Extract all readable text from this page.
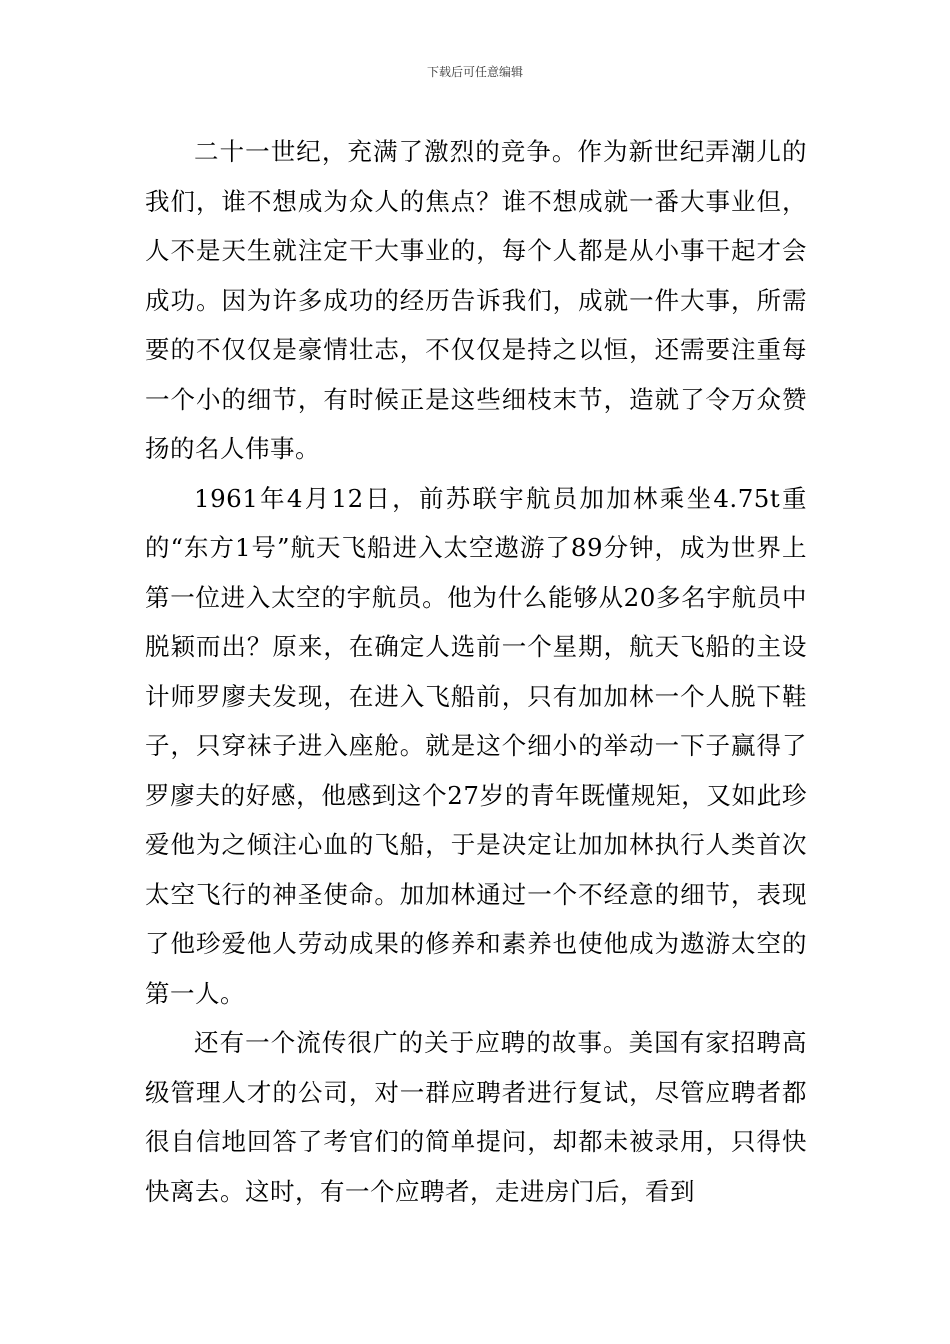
下载后可任意编辑

二十一世纪，充满了激烈的竞争。作为新世纪弄潮儿的我们，谁不想成为众人的焦点？谁不想成就一番大事业但，人不是天生就注定干大事业的，每个人都是从小事干起才会成功。因为许多成功的经历告诉我们，成就一件大事，所需要的不仅仅是豪情壮志，不仅仅是持之以恒，还需要注重每一个小的细节，有时候正是这些细枝末节，造就了令万众赞扬的名人伟事。

1961年4月12日，前苏联宇航员加加林乘坐4.75t重的“东方1号”航天飞船进入太空遨游了89分钟，成为世界上第一位进入太空的宇航员。他为什么能够从20多名宇航员中脱颖而出？原来，在确定人选前一个星期，航天飞船的主设计师罗廖夫发现，在进入飞船前，只有加加林一个人脱下鞋子，只穿袜子进入座舱。就是这个细小的举动一下子赢得了罗廖夫的好感，他感到这个27岁的青年既懂规矩，又如此珍爱他为之倾注心血的飞船，于是决定让加加林执行人类首次太空飞行的神圣使命。加加林通过一个不经意的细节，表现了他珍爱他人劳动成果的修养和素养也使他成为遨游太空的第一人。

还有一个流传很广的关于应聘的故事。美国有家招聘高级管理人才的公司，对一群应聘者进行复试，尽管应聘者都很自信地回答了考官们的简单提问，却都未被录用，只得快快离去。这时，有一个应聘者，走进房门后，看到
